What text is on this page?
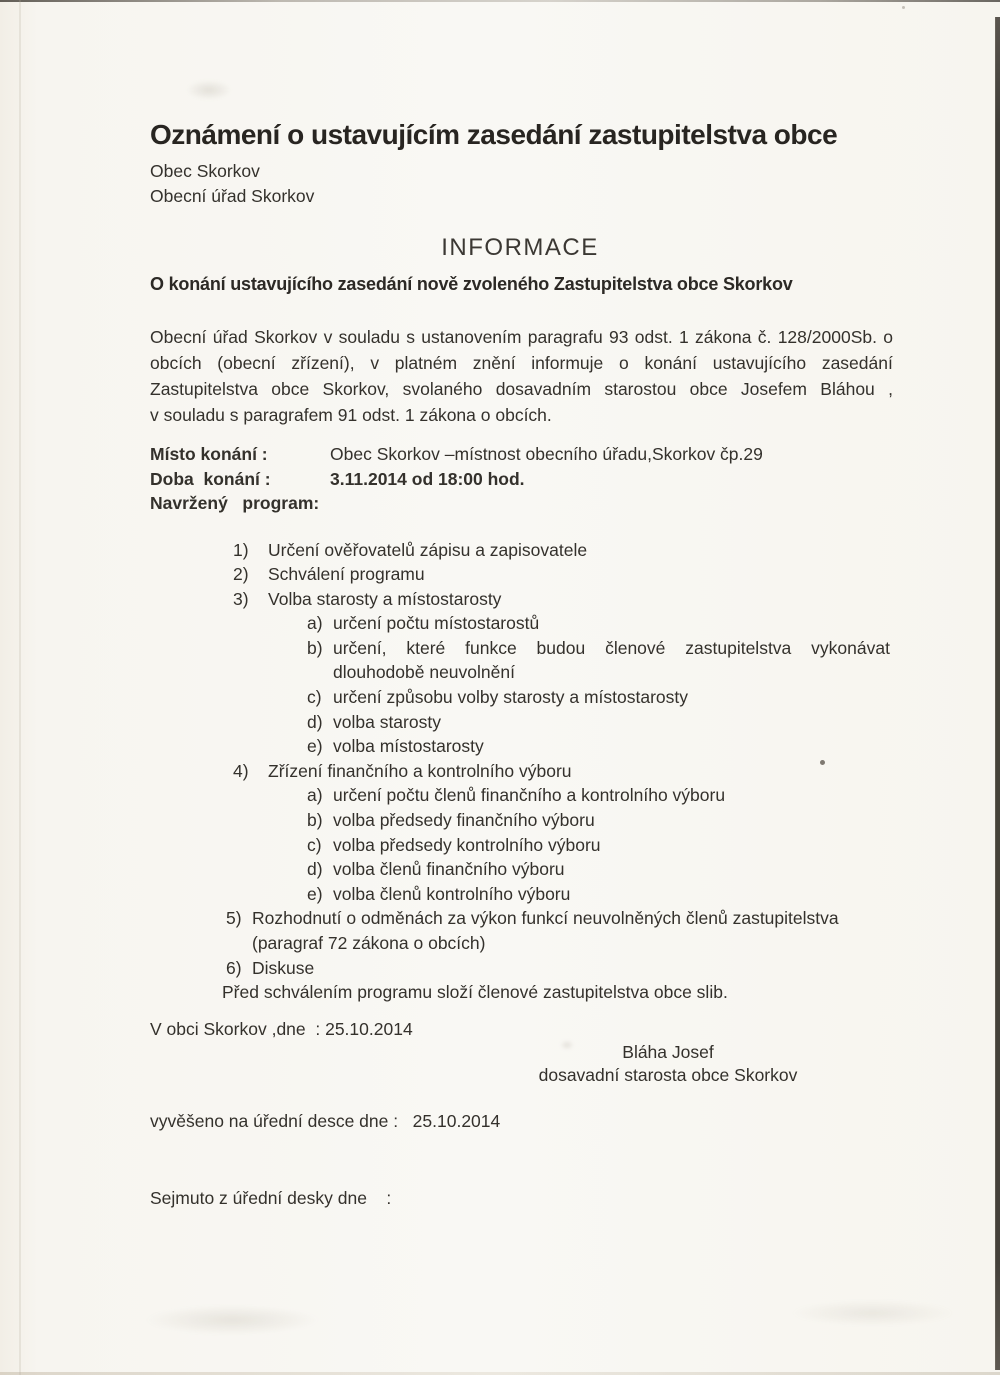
Oznámení o ustavujícím zasedání zastupitelstva obce
Obec Skorkov
Obecní úřad Skorkov
INFORMACE
O konání ustavujícího zasedání nově zvoleného Zastupitelstva obce Skorkov
Obecní úřad Skorkov v souladu s ustanovením paragrafu 93 odst. 1 zákona č. 128/2000Sb. o
obcích (obecní zřízení), v platném znění informuje o konání ustavujícího zasedání
Zastupitelstva obce Skorkov, svolaného dosavadním starostou obce Josefem Bláhou ,
v souladu s paragrafem 91 odst. 1 zákona o obcích.
Místo konání :	Obec Skorkov –místnost obecního úřadu,Skorkov čp.29
Doba  konání :	3.11.2014 od 18:00 hod.
Navržený   program:
1)	Určení ověřovatelů zápisu a zapisovatele
2)	Schválení programu
3)	Volba starosty a místostarosty
a) určení počtu místostarostů
b) určení, které funkce budou členové zastupitelstva vykonávat
dlouhodobě neuvolnění
c) určení způsobu volby starosty a místostarosty
d) volba starosty
e) volba místostarosty
4)	Zřízení finančního a kontrolního výboru
a) určení počtu členů finančního a kontrolního výboru
b) volba předsedy finančního výboru
c) volba předsedy kontrolního výboru
d) volba členů finančního výboru
e) volba členů kontrolního výboru
5) Rozhodnutí o odměnách za výkon funkcí neuvolněných členů zastupitelstva
(paragraf 72 zákona o obcích)
6) Diskuse
Před schválením programu složí členové zastupitelstva obce slib.
V obci Skorkov ,dne  : 25.10.2014
Bláha Josef
dosavadní starosta obce Skorkov
vyvěšeno na úřední desce dne :   25.10.2014
Sejmuto z úřední desky dne    :
